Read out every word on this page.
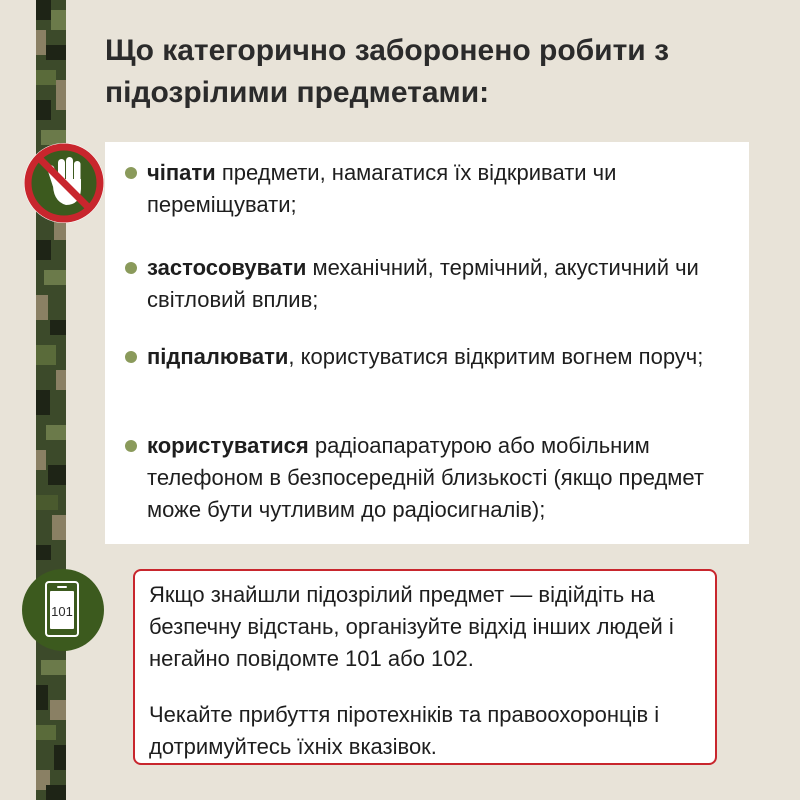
Що категорично заборонено робити з підозрілими предметами:
чіпати предмети, намагатися їх відкривати чи переміщувати;
застосовувати механічний, термічний, акустичний чи світловий вплив;
підпалювати, користуватися відкритим вогнем поруч;
користуватися радіоапаратурою або мобільним телефоном в безпосередній близькості (якщо предмет може бути чутливим до радіосигналів);
101

Якщо знайшли підозрілий предмет — відійдіть на безпечну відстань, організуйте відхід інших людей і негайно повідомте 101 або 102.

Чекайте прибуття піротехніків та правоохоронців і дотримуйтесь їхніх вказівок.
